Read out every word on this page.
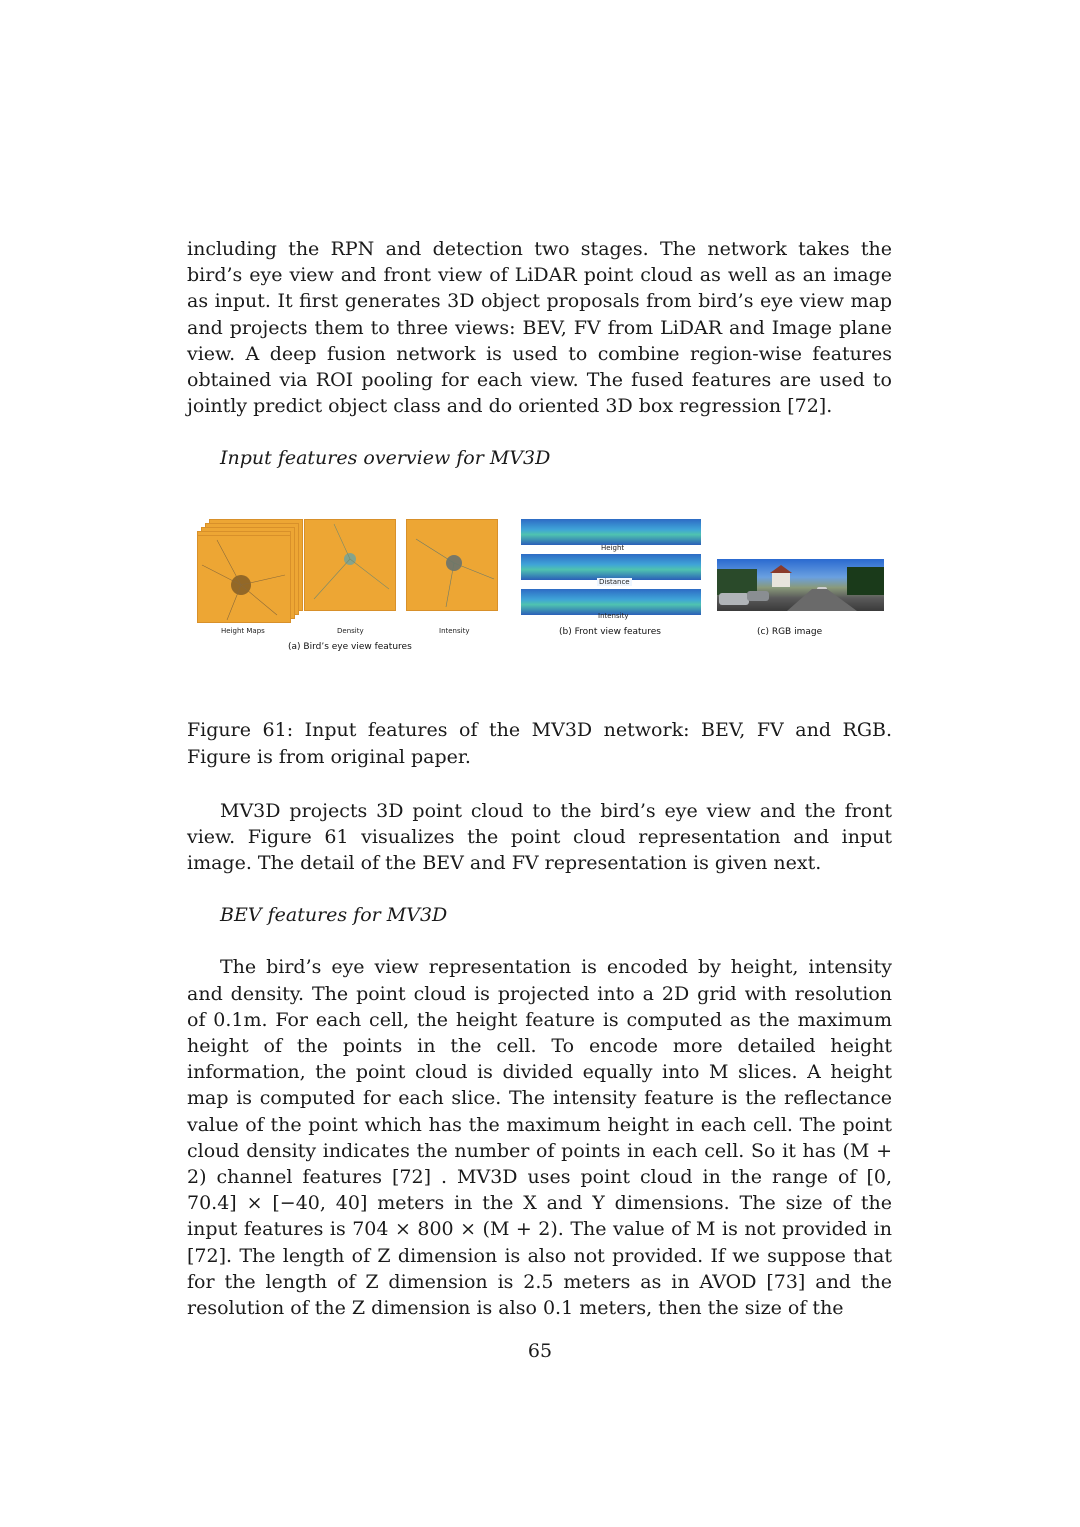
including the RPN and detection two stages. The network takes the bird’s eye view and front view of LiDAR point cloud as well as an image as input. It first generates 3D object proposals from bird’s eye view map and projects them to three views: BEV, FV from LiDAR and Image plane view. A deep fusion network is used to combine region-wise features obtained via ROI pooling for each view. The fused features are used to jointly predict object class and do oriented 3D box regression [72].

Input features overview for MV3D

Height Maps	Density	Intensity
(a) Bird’s eye view features
Height
Distance
Intensity
(b) Front view features	(c) RGB image

Figure 61: Input features of the MV3D network: BEV, FV and RGB. Figure is from original paper.

MV3D projects 3D point cloud to the bird’s eye view and the front view. Figure 61 visualizes the point cloud representation and input image. The detail of the BEV and FV representation is given next.

BEV features for MV3D

The bird’s eye view representation is encoded by height, intensity and density. The point cloud is projected into a 2D grid with resolution of 0.1m. For each cell, the height feature is computed as the maximum height of the points in the cell. To encode more detailed height information, the point cloud is divided equally into M slices. A height map is computed for each slice. The intensity feature is the reflectance value of the point which has the maximum height in each cell. The point cloud density indicates the number of points in each cell. So it has (M + 2) channel features [72] . MV3D uses point cloud in the range of [0, 70.4] × [−40, 40] meters in the X and Y dimensions. The size of the input features is 704 × 800 × (M + 2). The value of M is not provided in [72]. The length of Z dimension is also not provided. If we suppose that for the length of Z dimension is 2.5 meters as in AVOD [73] and the resolution of the Z dimension is also 0.1 meters, then the size of the

65
